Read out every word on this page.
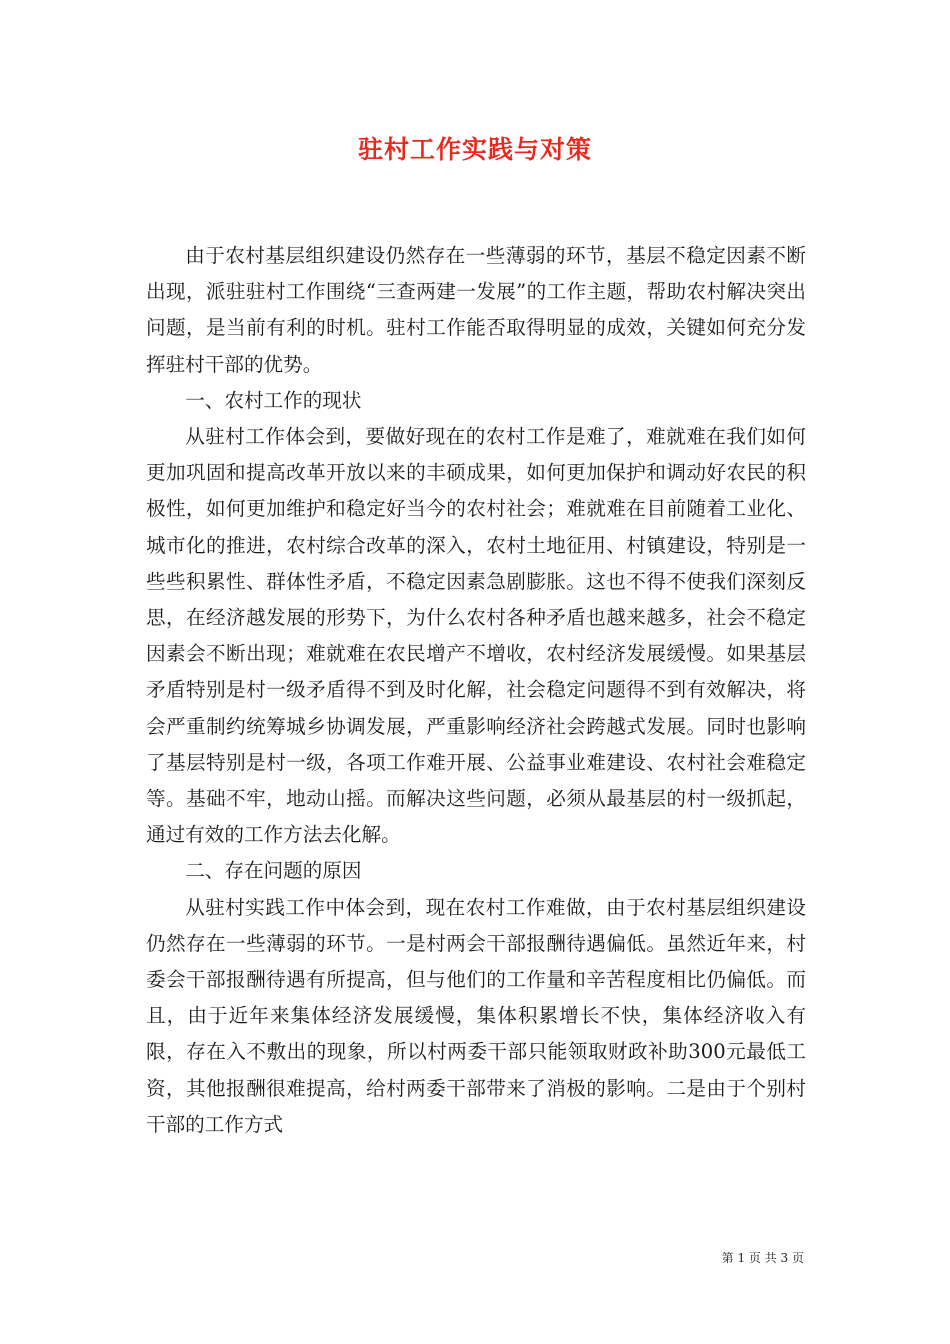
驻村工作实践与对策

由于农村基层组织建设仍然存在一些薄弱的环节，基层不稳定因素不断出现，派驻驻村工作围绕“三查两建一发展”的工作主题，帮助农村解决突出问题，是当前有利的时机。驻村工作能否取得明显的成效，关键如何充分发挥驻村干部的优势。

一、农村工作的现状

从驻村工作体会到，要做好现在的农村工作是难了，难就难在我们如何更加巩固和提高改革开放以来的丰硕成果，如何更加保护和调动好农民的积极性，如何更加维护和稳定好当今的农村社会；难就难在目前随着工业化、城市化的推进，农村综合改革的深入，农村土地征用、村镇建设，特别是一些些积累性、群体性矛盾，不稳定因素急剧膨胀。这也不得不使我们深刻反思，在经济越发展的形势下，为什么农村各种矛盾也越来越多，社会不稳定因素会不断出现；难就难在农民增产不增收，农村经济发展缓慢。如果基层矛盾特别是村一级矛盾得不到及时化解，社会稳定问题得不到有效解决，将会严重制约统筹城乡协调发展，严重影响经济社会跨越式发展。同时也影响了基层特别是村一级，各项工作难开展、公益事业难建设、农村社会难稳定等。基础不牢，地动山摇。而解决这些问题，必须从最基层的村一级抓起，通过有效的工作方法去化解。

二、存在问题的原因

从驻村实践工作中体会到，现在农村工作难做，由于农村基层组织建设仍然存在一些薄弱的环节。一是村两会干部报酬待遇偏低。虽然近年来，村委会干部报酬待遇有所提高，但与他们的工作量和辛苦程度相比仍偏低。而且，由于近年来集体经济发展缓慢，集体积累增长不快，集体经济收入有限，存在入不敷出的现象，所以村两委干部只能领取财政补助300元最低工资，其他报酬很难提高，给村两委干部带来了消极的影响。二是由于个别村干部的工作方式

第 1 页 共 3 页
